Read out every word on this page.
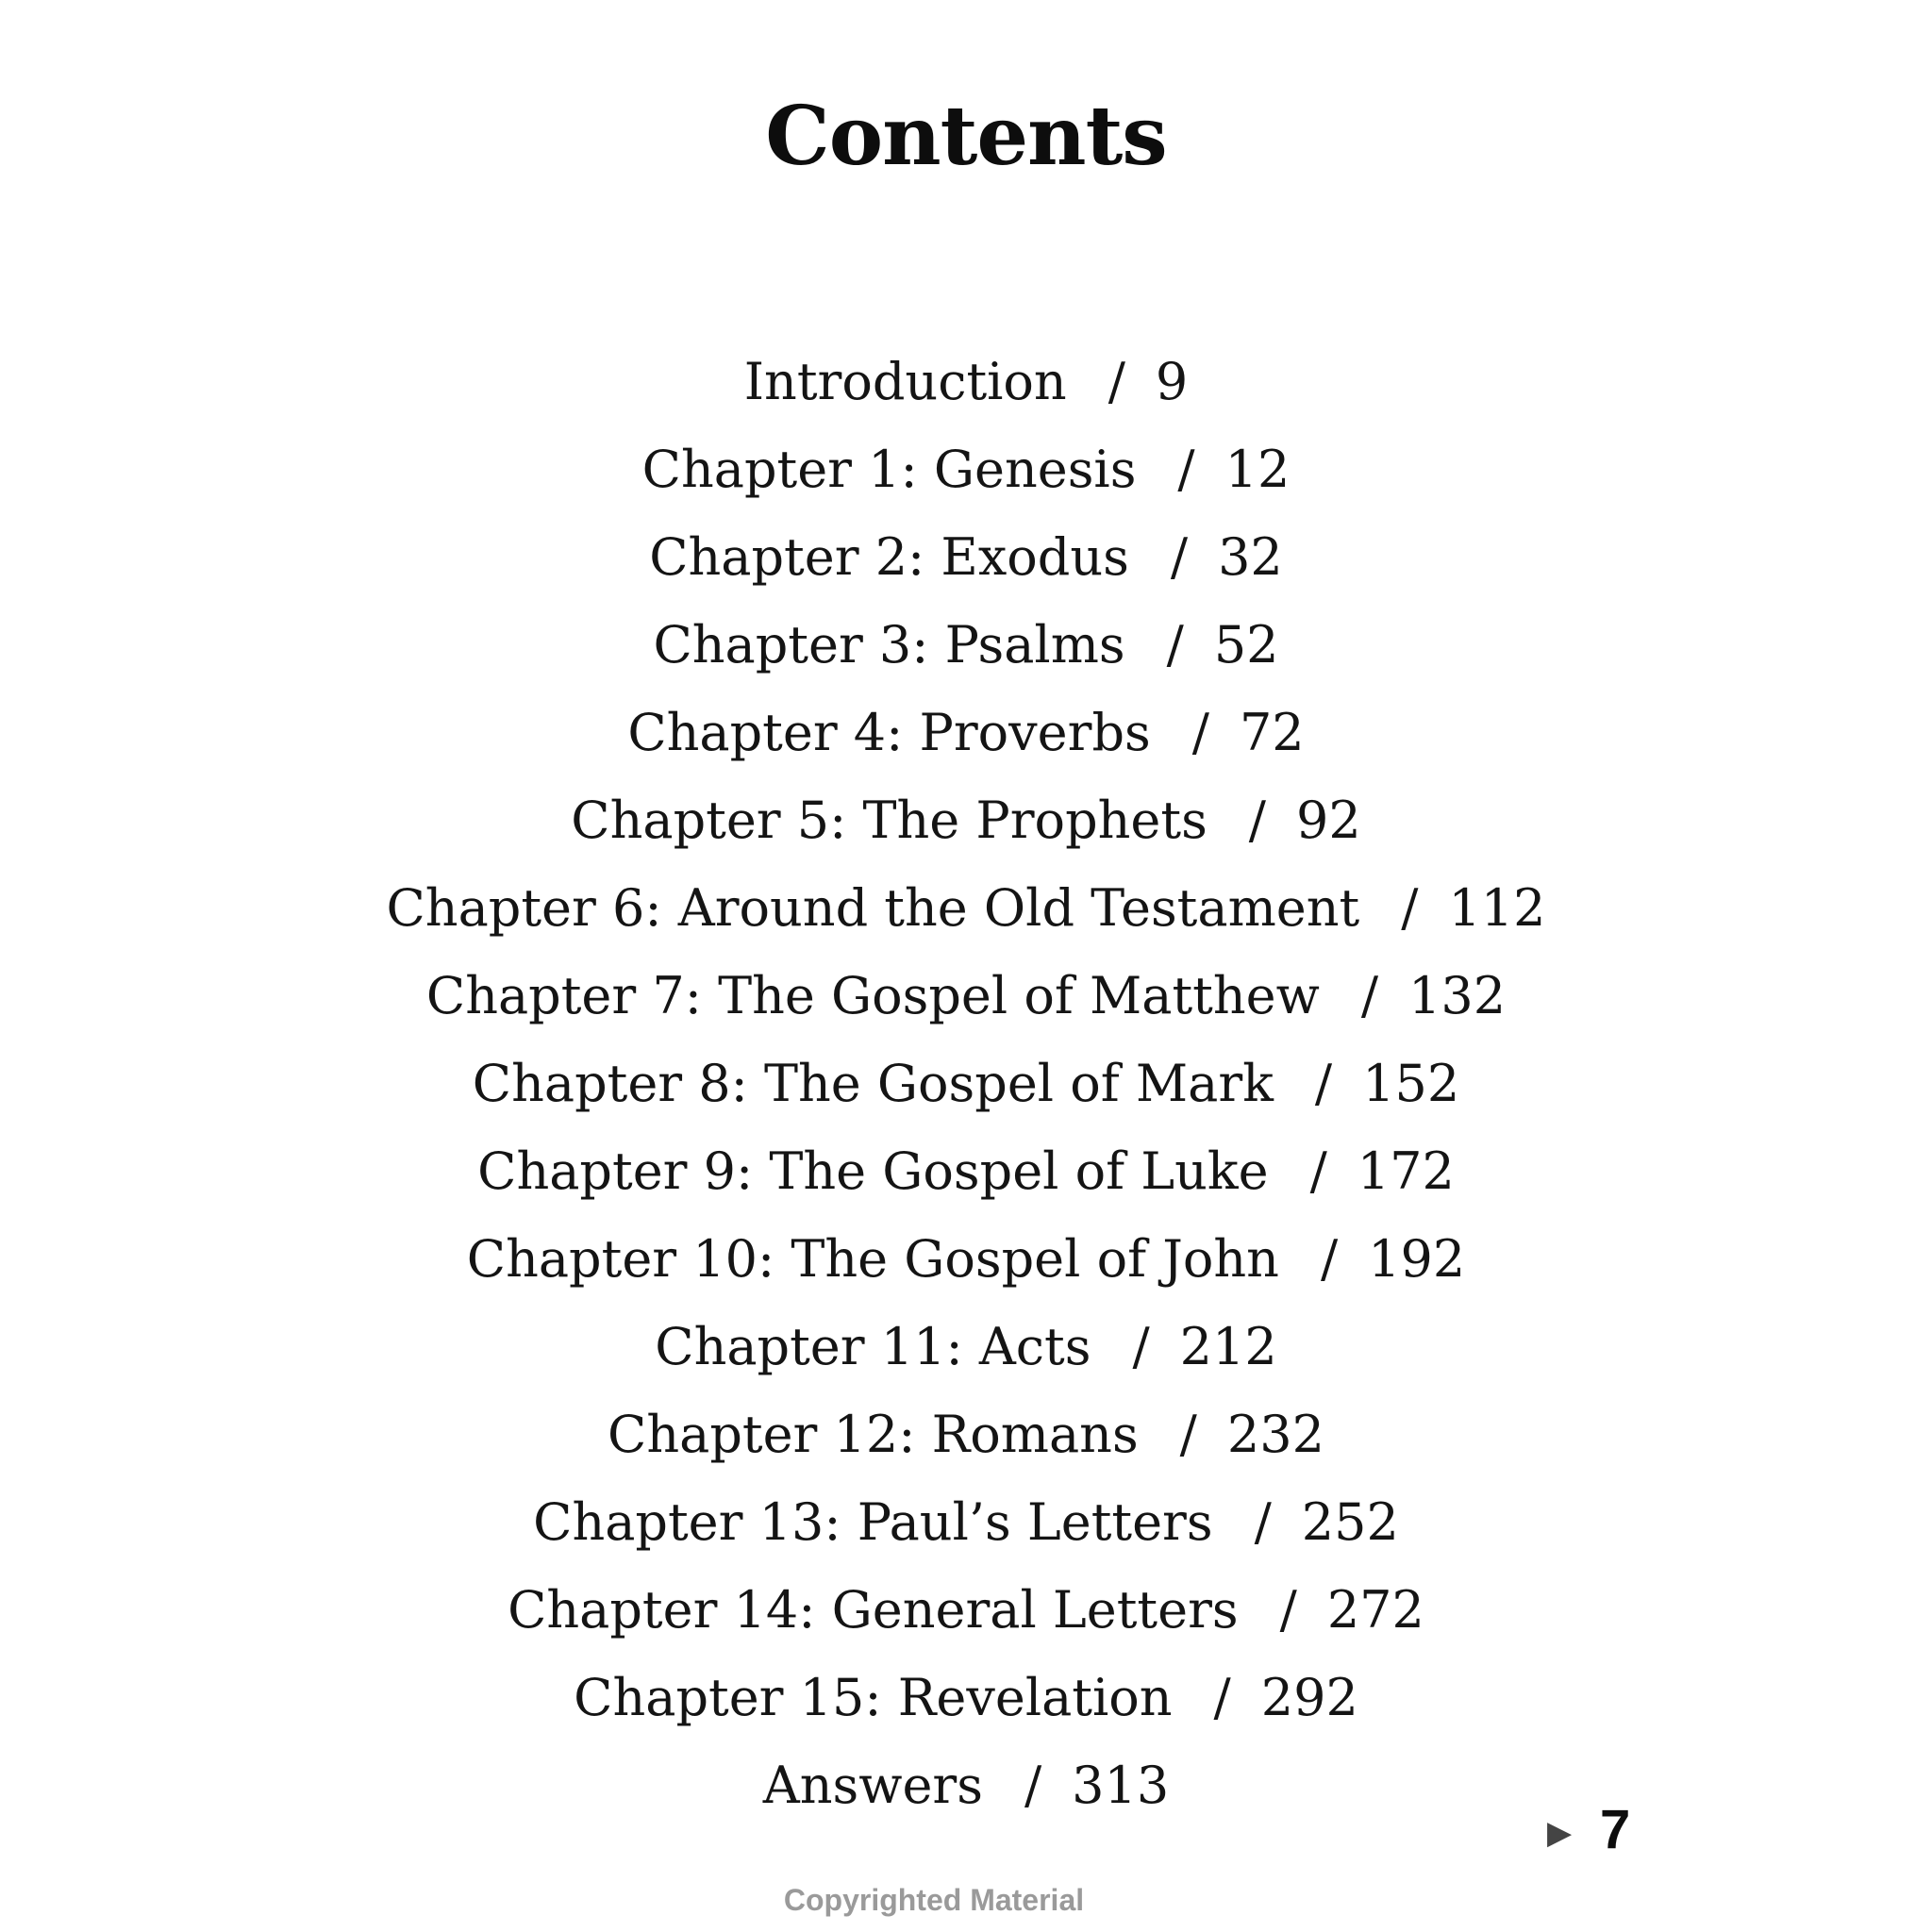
Contents
Introduction / 9
Chapter 1: Genesis / 12
Chapter 2: Exodus / 32
Chapter 3: Psalms / 52
Chapter 4: Proverbs / 72
Chapter 5: The Prophets / 92
Chapter 6: Around the Old Testament / 112
Chapter 7: The Gospel of Matthew / 132
Chapter 8: The Gospel of Mark / 152
Chapter 9: The Gospel of Luke / 172
Chapter 10: The Gospel of John / 192
Chapter 11: Acts / 212
Chapter 12: Romans / 232
Chapter 13: Paul’s Letters / 252
Chapter 14: General Letters / 272
Chapter 15: Revelation / 292
Answers / 313
▶ 7
Copyrighted Material
